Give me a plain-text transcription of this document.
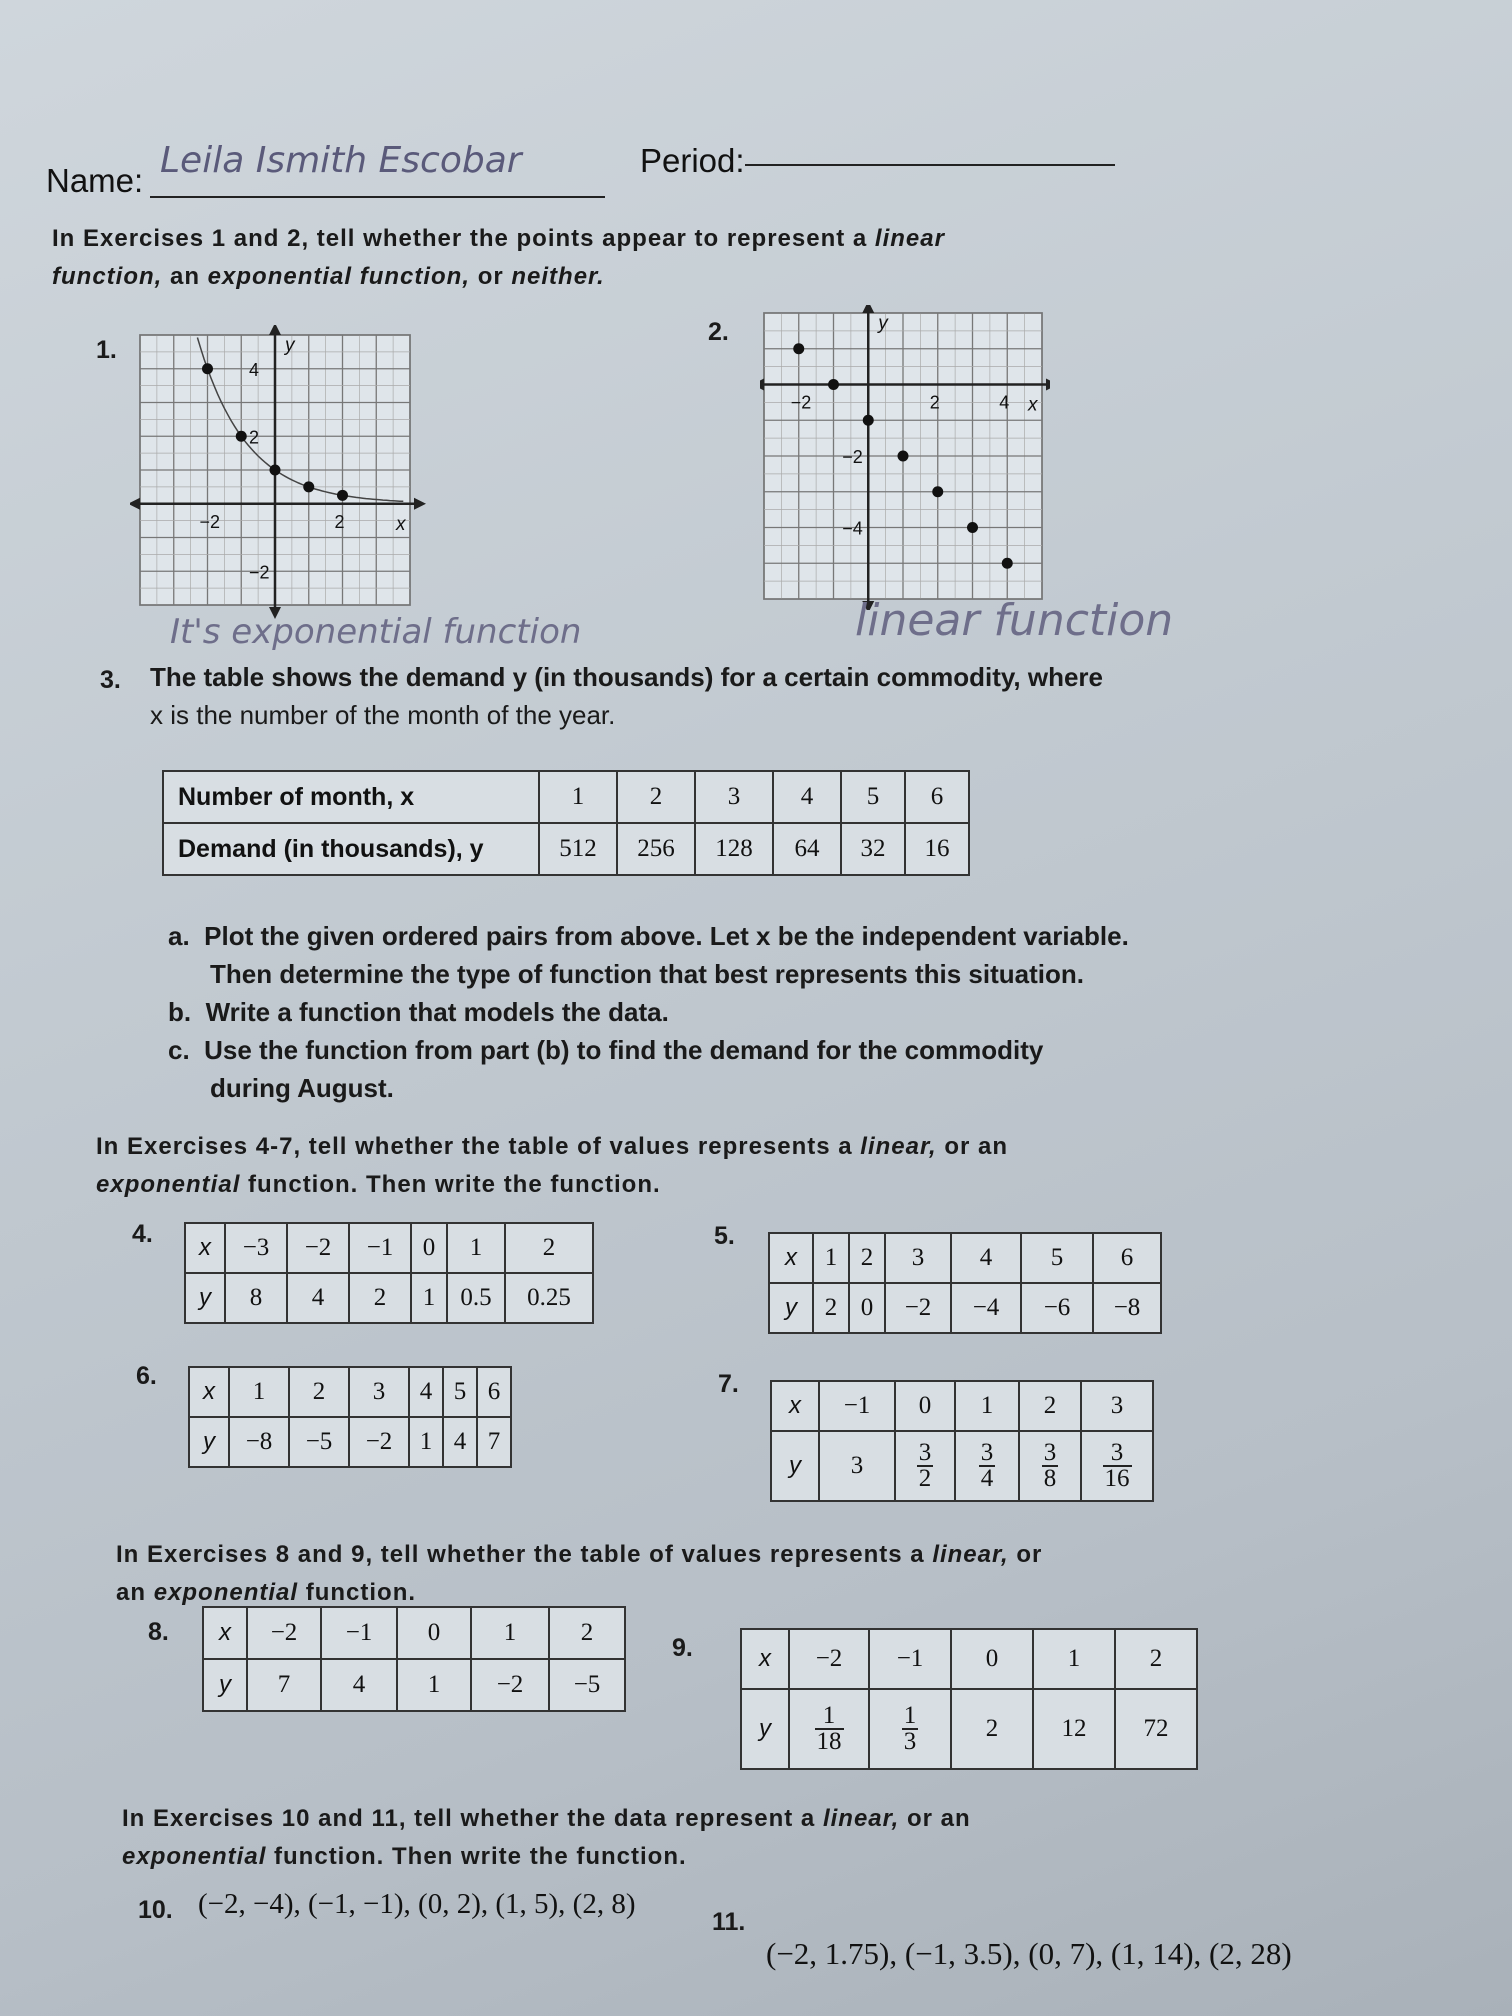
Name: Leila Ismith Escobar	Period:
In Exercises 1 and 2, tell whether the points appear to represent a linear
function, an exponential function, or neither.
1.
x
y
4
2
−2	2
−2
It's exponential function
2.
x
y
−2	2	4
−2
−4
linear function
3. The table shows the demand y (in thousands) for a certain commodity, where
x is the number of the month of the year.
Number of month, x	1	2	3	4	5	6
Demand (in thousands), y	512	256	128	64	32	16
a. Plot the given ordered pairs from above. Let x be the independent variable.
Then determine the type of function that best represents this situation.
b. Write a function that models the data.
c. Use the function from part (b) to find the demand for the commodity
during August.
In Exercises 4-7, tell whether the table of values represents a linear, or an
exponential function. Then write the function.
4. x	−3	−2	−1	0	1	2
y	8	4	2	1	0.5	0.25
5.
x	1	2	3	4	5	6
y	2	0	−2	−4	−6	−8
6.
x	1	2	3	4	5	6
y	−8	−5	−2	1	4	7
7.
x	−1	0	1	2	3
y	3	$\frac{3}{2}$	$\frac{3}{4}$	$\frac{3}{8}$	$\frac{3}{16}$
In Exercises 8 and 9, tell whether the table of values represents a linear, or
an exponential function.
8. x	−2	−1	0	1	2
y	7	4	1	−2	−5
9.	x	−2	−1	0	1	2
y	$\frac{1}{18}$	$\frac{1}{3}$	2	12	72
In Exercises 10 and 11, tell whether the data represent a linear, or an
exponential function. Then write the function.
10. (−2, −4), (−1, −1), (0, 2), (1, 5), (2, 8)
11.
(−2, 1.75), (−1, 3.5), (0, 7), (1, 14), (2, 28)
